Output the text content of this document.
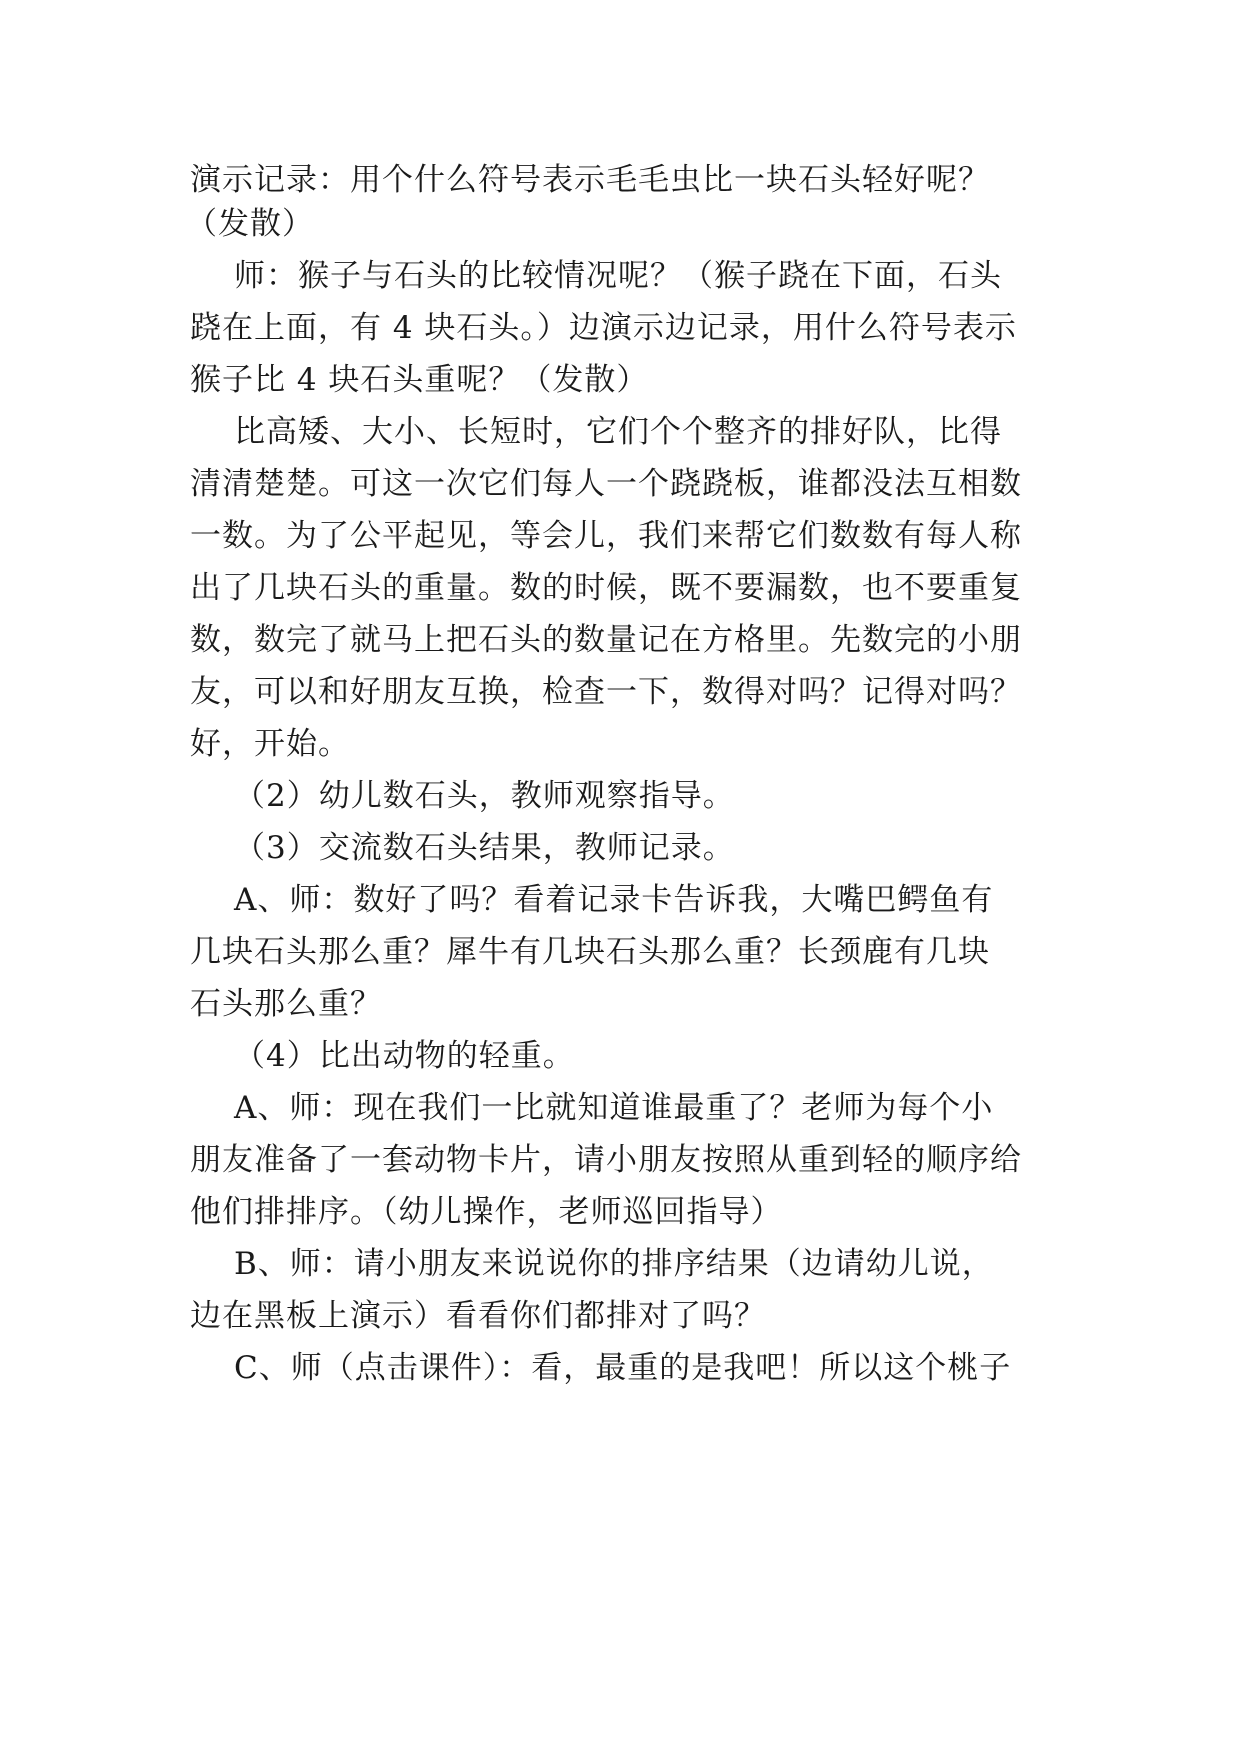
演示记录：用个什么符号表示毛毛虫比一块石头轻好呢？
（发散）
师：猴子与石头的比较情况呢？（猴子跷在下面，石头
跷在上面，有 4 块石头。）边演示边记录，用什么符号表示
猴子比 4 块石头重呢？（发散）
比高矮、大小、长短时，它们个个整齐的排好队，比得
清清楚楚。可这一次它们每人一个跷跷板，谁都没法互相数
一数。为了公平起见，等会儿，我们来帮它们数数有每人称
出了几块石头的重量。数的时候，既不要漏数，也不要重复
数，数完了就马上把石头的数量记在方格里。先数完的小朋
友，可以和好朋友互换，检查一下，数得对吗？记得对吗？
好，开始。
（2）幼儿数石头，教师观察指导。
（3）交流数石头结果，教师记录。
A、师：数好了吗？看着记录卡告诉我，大嘴巴鳄鱼有
几块石头那么重？犀牛有几块石头那么重？长颈鹿有几块
石头那么重？
（4）比出动物的轻重。
A、师：现在我们一比就知道谁最重了？老师为每个小
朋友准备了一套动物卡片，请小朋友按照从重到轻的顺序给
他们排排序。（幼儿操作，老师巡回指导）
B、师：请小朋友来说说你的排序结果（边请幼儿说，
边在黑板上演示）看看你们都排对了吗？
C、师（点击课件）：看，最重的是我吧！所以这个桃子
